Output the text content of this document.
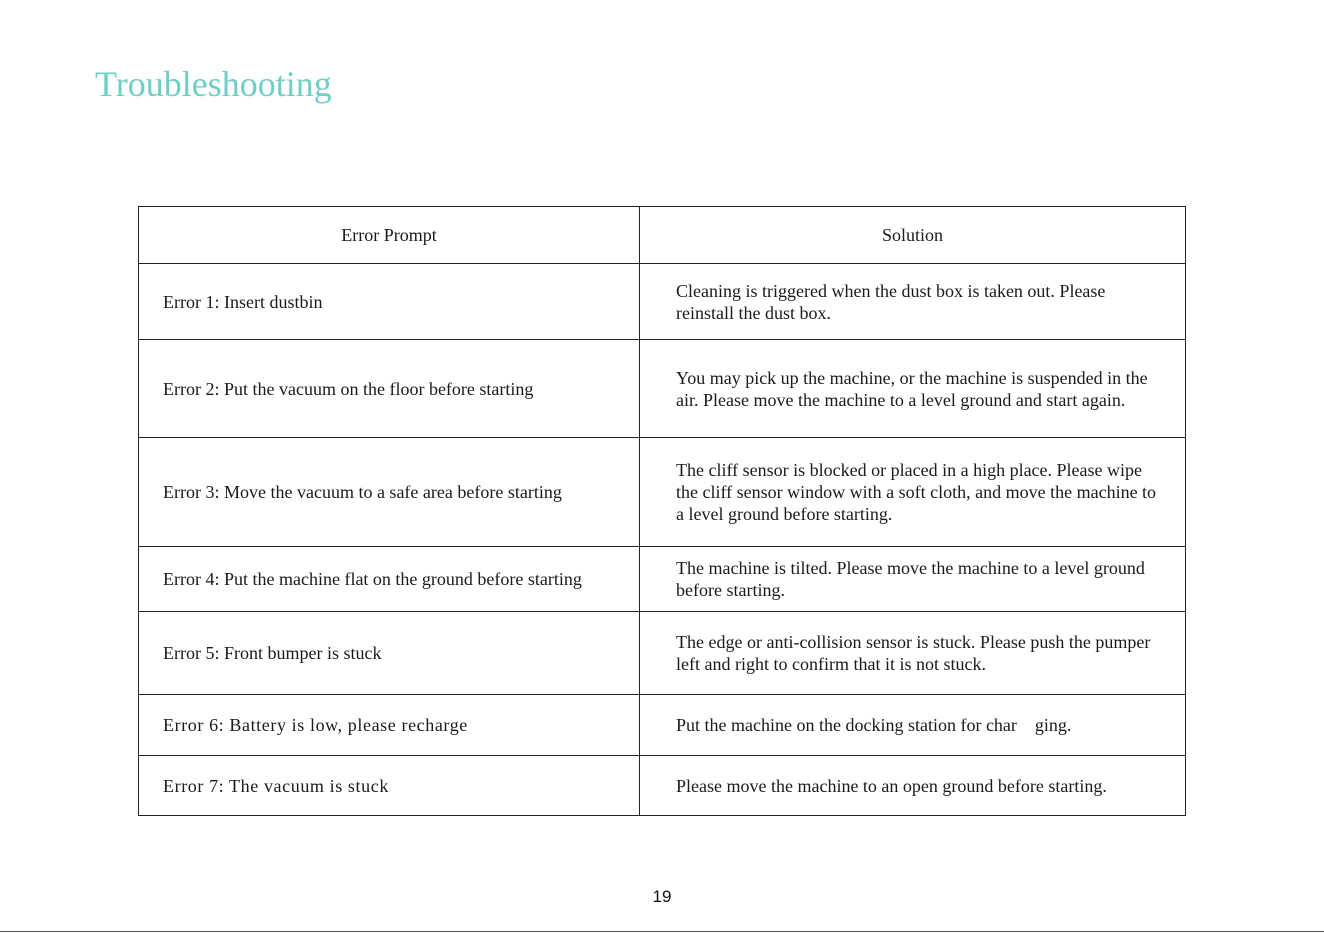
Troubleshooting
Error Prompt	Solution
Error 1: Insert dustbin	Cleaning is triggered when the dust box is taken out. Please reinstall the dust box.
Error 2: Put the vacuum on the floor before starting	You may pick up the machine, or the machine is suspended in the air. Please move the machine to a level ground and start again.
Error 3: Move the vacuum to a safe area before starting	The cliff sensor is blocked or placed in a high place. Please wipe the cliff sensor window with a soft cloth, and move the machine to a level ground before starting.
Error 4: Put the machine flat on the ground before starting	The machine is tilted. Please move the machine to a level ground before starting.
Error 5: Front bumper is stuck	The edge or anti-collision sensor is stuck. Please push the pumper left and right to confirm that it is not stuck.
Error 6: Battery is low, please recharge	Put the machine on the docking station for char    ging.
Error 7: The vacuum is stuck	Please move the machine to an open ground before starting.
19
